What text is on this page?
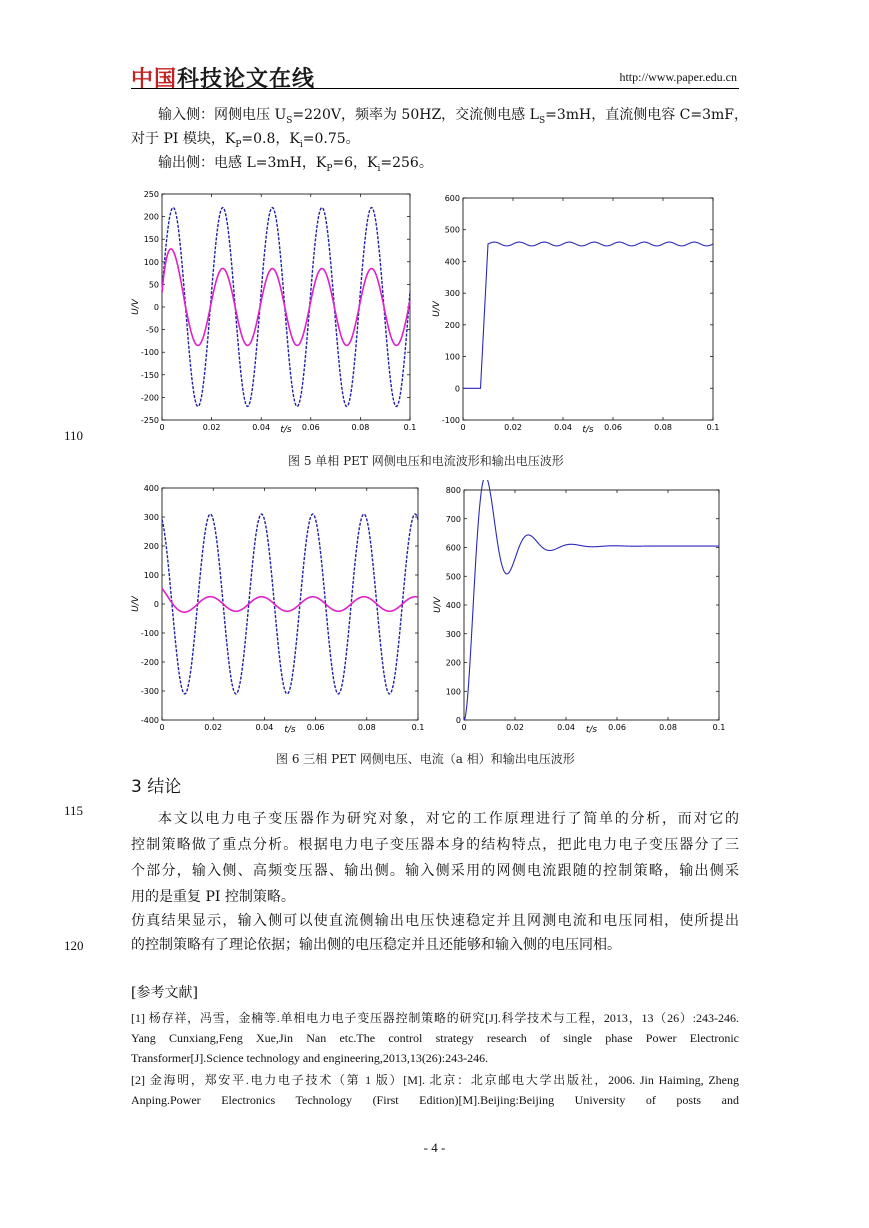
中国科技论文在线	http://www.paper.edu.cn
输入侧：网侧电压 $U_S=220V$，频率为 50HZ，交流侧电感 $L_S=3mH$，直流侧电容 C=3mF，
对于 PI 模块，$K_P=0.8$，$K_i=0.75$。
输出侧：电感 L=3mH，$K_P=6$，$K_i=256$。
250
200
150
100
50
0
-50
-100
-150
-200
-250
0	0.02	0.04	0.06	0.08	0.1
t/s
U/V
600
500
400
300
200
100
0
-100
0	0.02	0.04	0.06	0.08	0.1
t/s
U/V
110
图 5 单相 PET 网侧电压和电流波形和输出电压波形
400
300
200
100
0
-100
-200
-300
-400
0	0.02	0.04	0.06	0.08	0.1
t/s
U/V
800
700
600
500
400
300
200
100
0
0	0.02	0.04	0.06	0.08	0.1
t/s
U/V
图 6 三相 PET 网侧电压、电流（a 相）和输出电压波形
3 结论
115
本文以电力电子变压器作为研究对象，对它的工作原理进行了简单的分析，而对它的
控制策略做了重点分析。根据电力电子变压器本身的结构特点，把此电力电子变压器分了三
个部分，输入侧、高频变压器、输出侧。输入侧采用的网侧电流跟随的控制策略，输出侧采
用的是重复 PI 控制策略。
仿真结果显示，输入侧可以使直流侧输出电压快速稳定并且网测电流和电压同相，使所提出
120	的控制策略有了理论依据；输出侧的电压稳定并且还能够和输入侧的电压同相。
[参考文献]
[1] 杨存祥，冯雪，金楠等.单相电力电子变压器控制策略的研究[J].科学技术与工程，2013，13（26）:243-246.
Yang Cunxiang,Feng Xue,Jin Nan etc.The control strategy research of single phase Power Electronic
Transformer[J].Science technology and engineering,2013,13(26):243-246.
[2] 金海明，郑安平.电力电子技术（第 1 版）[M]. 北京：北京邮电大学出版社，2006. Jin Haiming, Zheng
Anping.Power Electronics Technology (First Edition)[M].Beijing:Beijing University of posts and
- 4 -
